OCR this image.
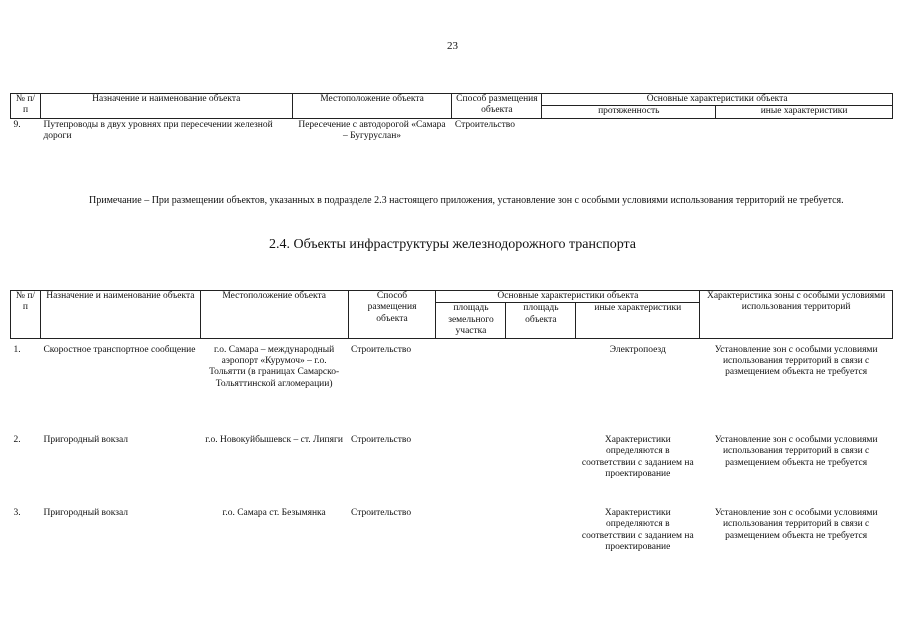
23
№ п/п	Назначение и наименование объекта	Местоположение объекта	Способ размещения объекта	Основные характеристики объекта	
				протяженность	иные характеристики
9.	Путепроводы в двух уровнях при пересечении железной дороги	Пересечение с автодорогой «Самара – Бугуруслан»	Строительство		
Примечание – При размещении объектов, указанных в подразделе 2.3 настоящего приложения, установление зон с особыми условиями использования территорий не требуется.
2.4. Объекты инфраструктуры железнодорожного транспорта
№ п/п	Назначение и наименование объекта	Местоположение объекта	Способ размещения объекта	Основные характеристики объекта			Характеристика зоны с особыми условиями использования территорий
				площадь земельного участка	площадь объекта	иные характеристики	
1.	Скоростное транспортное сообщение	г.о. Самара – международный аэропорт «Курумоч» – г.о. Тольятти (в границах Самарско-Тольяттинской агломерации)	Строительство			Электропоезд	Установление зон с особыми условиями использования территорий в связи с размещением объекта не требуется
2.	Пригородный вокзал	г.о. Новокуйбышевск – ст. Липяги	Строительство			Характеристики определяются в соответствии с заданием на проектирование	Установление зон с особыми условиями использования территорий в связи с размещением объекта не требуется
3.	Пригородный вокзал	г.о. Самара ст. Безымянка	Строительство			Характеристики определяются в соответствии с заданием на проектирование	Установление зон с особыми условиями использования территорий в связи с размещением объекта не требуется
